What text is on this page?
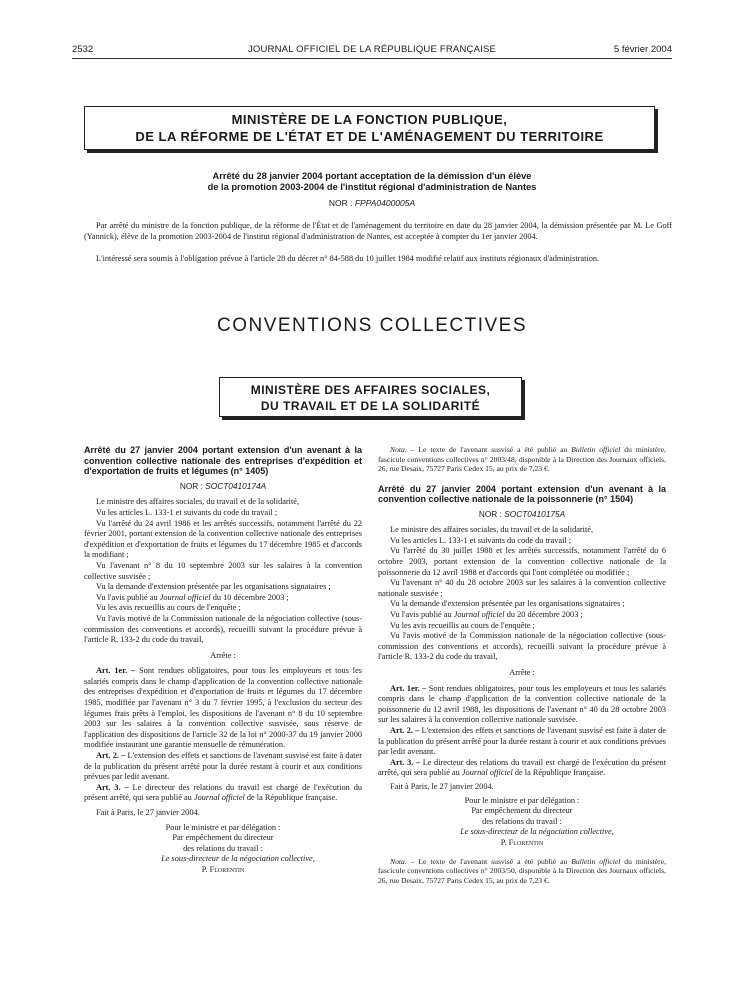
2532	JOURNAL OFFICIEL DE LA RÉPUBLIQUE FRANÇAISE	5 février 2004
MINISTÈRE DE LA FONCTION PUBLIQUE,
DE LA RÉFORME DE L'ÉTAT ET DE L'AMÉNAGEMENT DU TERRITOIRE
Arrêté du 28 janvier 2004 portant acceptation de la démission d'un élève
de la promotion 2003-2004 de l'institut régional d'administration de Nantes
NOR : FPPA0400005A

Par arrêté du ministre de la fonction publique, de la réforme de l'État et de l'aménagement du territoire en date du 28 janvier 2004, la démission présentée par M. Le Goff (Yannick), élève de la promotion 2003-2004 de l'institut régional d'administration de Nantes, est acceptée à compter du 1er janvier 2004.

L'intéressé sera soumis à l'obligation prévue à l'article 28 du décret n° 84-588 du 10 juillet 1984 modifié relatif aux instituts régionaux d'administration.

CONVENTIONS COLLECTIVES
MINISTÈRE DES AFFAIRES SOCIALES,
DU TRAVAIL ET DE LA SOLIDARITÉ

Arrêté du 27 janvier 2004 portant extension d'un avenant à la convention collective nationale des entreprises d'expédition et d'exportation de fruits et légumes (n° 1405)

NOR : SOCT0410174A

Le ministre des affaires sociales, du travail et de la solidarité,

Vu les articles L. 133-1 et suivants du code du travail ;

Vu l'arrêté du 24 avril 1986 et les arrêtés successifs, notamment l'arrêté du 22 février 2001, portant extension de la convention collective nationale des entreprises d'expédition et d'exportation de fruits et légumes du 17 décembre 1985 et d'accords la modifiant ;

Vu l'avenant n° 8 du 10 septembre 2003 sur les salaires à la convention collective susvisée ;

Vu la demande d'extension présentée par les organisations signataires ;

Vu l'avis publié au Journal officiel du 10 décembre 2003 ;

Vu les avis recueillis au cours de l'enquête ;

Vu l'avis motivé de la Commission nationale de la négociation collective (sous-commission des conventions et accords), recueilli suivant la procédure prévue à l'article R. 133-2 du code du travail,

Arrête :

Art. 1er. – Sont rendues obligatoires, pour tous les employeurs et tous les salariés compris dans le champ d'application de la convention collective nationale des entreprises d'expédition et d'exportation de fruits et légumes du 17 décembre 1985, modifiée par l'avenant n° 3 du 7 février 1995, à l'exclusion du secteur des légumes frais prêts à l'emploi, les dispositions de l'avenant n° 8 du 10 septembre 2003 sur les salaires à la convention collective susvisée, sous réserve de l'application des dispositions de l'article 32 de la loi n° 2000-37 du 19 janvier 2000 modifiée instaurant une garantie mensuelle de rémunération.

Art. 2. – L'extension des effets et sanctions de l'avenant susvisé est faite à dater de la publication du présent arrêté pour la durée restant à courir et aux conditions prévues par ledit avenant.

Art. 3. – Le directeur des relations du travail est chargé de l'exécution du présent arrêté, qui sera publié au Journal officiel de la République française.

Fait à Paris, le 27 janvier 2004.

Pour le ministre et par délégation :

Par empêchement du directeur

des relations du travail :

Le sous-directeur de la négociation collective,

P. Florentin

Nota. – Le texte de l'avenant susvisé a été publié au Bulletin officiel du ministère, fascicule conventions collectives n° 2003/48, disponible à la Direction des Journaux officiels, 26, rue Desaix, 75727 Paris Cedex 15, au prix de 7,23 €.

Arrêté du 27 janvier 2004 portant extension d'un avenant à la convention collective nationale de la poissonnerie (n° 1504)

NOR : SOCT0410175A

Le ministre des affaires sociales, du travail et de la solidarité,

Vu les articles L. 133-1 et suivants du code du travail ;

Vu l'arrêté du 30 juillet 1988 et les arrêtés successifs, notamment l'arrêté du 6 octobre 2003, portant extension de la convention collective nationale de la poissonnerie du 12 avril 1988 et d'accords qui l'ont complétée ou modifiée ;

Vu l'avenant n° 40 du 28 octobre 2003 sur les salaires à la convention collective nationale susvisée ;

Vu la demande d'extension présentée par les organisations signataires ;

Vu l'avis publié au Journal officiel du 20 décembre 2003 ;

Vu les avis recueillis au cours de l'enquête ;

Vu l'avis motivé de la Commission nationale de la négociation collective (sous-commission des conventions et accords), recueilli suivant la procédure prévue à l'article R. 133-2 du code du travail,

Arrête :

Art. 1er. – Sont rendues obligatoires, pour tous les employeurs et tous les salariés compris dans le champ d'application de la convention collective nationale de la poissonnerie du 12 avril 1988, les dispositions de l'avenant n° 40 du 28 octobre 2003 sur les salaires à la convention collective nationale susvisée.

Art. 2. – L'extension des effets et sanctions de l'avenant susvisé est faite à dater de la publication du présent arrêté pour la durée restant à courir et aux conditions prévues par ledit avenant.

Art. 3. – Le directeur des relations du travail est chargé de l'exécution du présent arrêté, qui sera publié au Journal officiel de la République française.

Fait à Paris, le 27 janvier 2004.

Pour le ministre et par délégation :

Par empêchement du directeur

des relations du travail :

Le sous-directeur de la négociation collective,

P. Florentin

Nota. – Le texte de l'avenant susvisé a été publié au Bulletin officiel du ministère, fascicule conventions collectives n° 2003/50, disponible à la Direction des Journaux officiels, 26, rue Desaix, 75727 Paris Cedex 15, au prix de 7,23 €.
